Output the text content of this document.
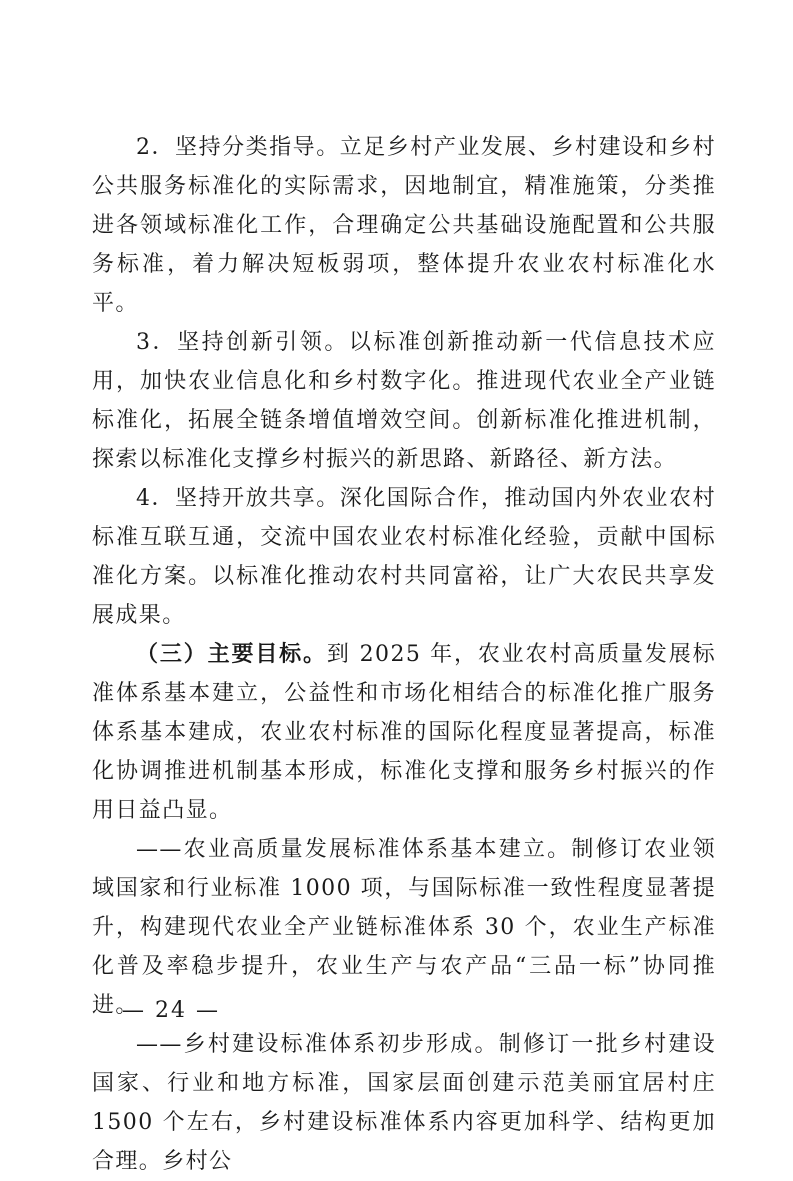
2．坚持分类指导。立足乡村产业发展、乡村建设和乡村公共服务标准化的实际需求，因地制宜，精准施策，分类推进各领域标准化工作，合理确定公共基础设施配置和公共服务标准，着力解决短板弱项，整体提升农业农村标准化水平。

3．坚持创新引领。以标准创新推动新一代信息技术应用，加快农业信息化和乡村数字化。推进现代农业全产业链标准化，拓展全链条增值增效空间。创新标准化推进机制，探索以标准化支撑乡村振兴的新思路、新路径、新方法。

4．坚持开放共享。深化国际合作，推动国内外农业农村标准互联互通，交流中国农业农村标准化经验，贡献中国标准化方案。以标准化推动农村共同富裕，让广大农民共享发展成果。

（三）主要目标。到 2025 年，农业农村高质量发展标准体系基本建立，公益性和市场化相结合的标准化推广服务体系基本建成，农业农村标准的国际化程度显著提高，标准化协调推进机制基本形成，标准化支撑和服务乡村振兴的作用日益凸显。

——农业高质量发展标准体系基本建立。制修订农业领域国家和行业标准 1000 项，与国际标准一致性程度显著提升，构建现代农业全产业链标准体系 30 个，农业生产标准化普及率稳步提升，农业生产与农产品“三品一标”协同推进。

——乡村建设标准体系初步形成。制修订一批乡村建设国家、行业和地方标准，国家层面创建示范美丽宜居村庄 1500 个左右，乡村建设标准体系内容更加科学、结构更加合理。乡村公

— 24 —
